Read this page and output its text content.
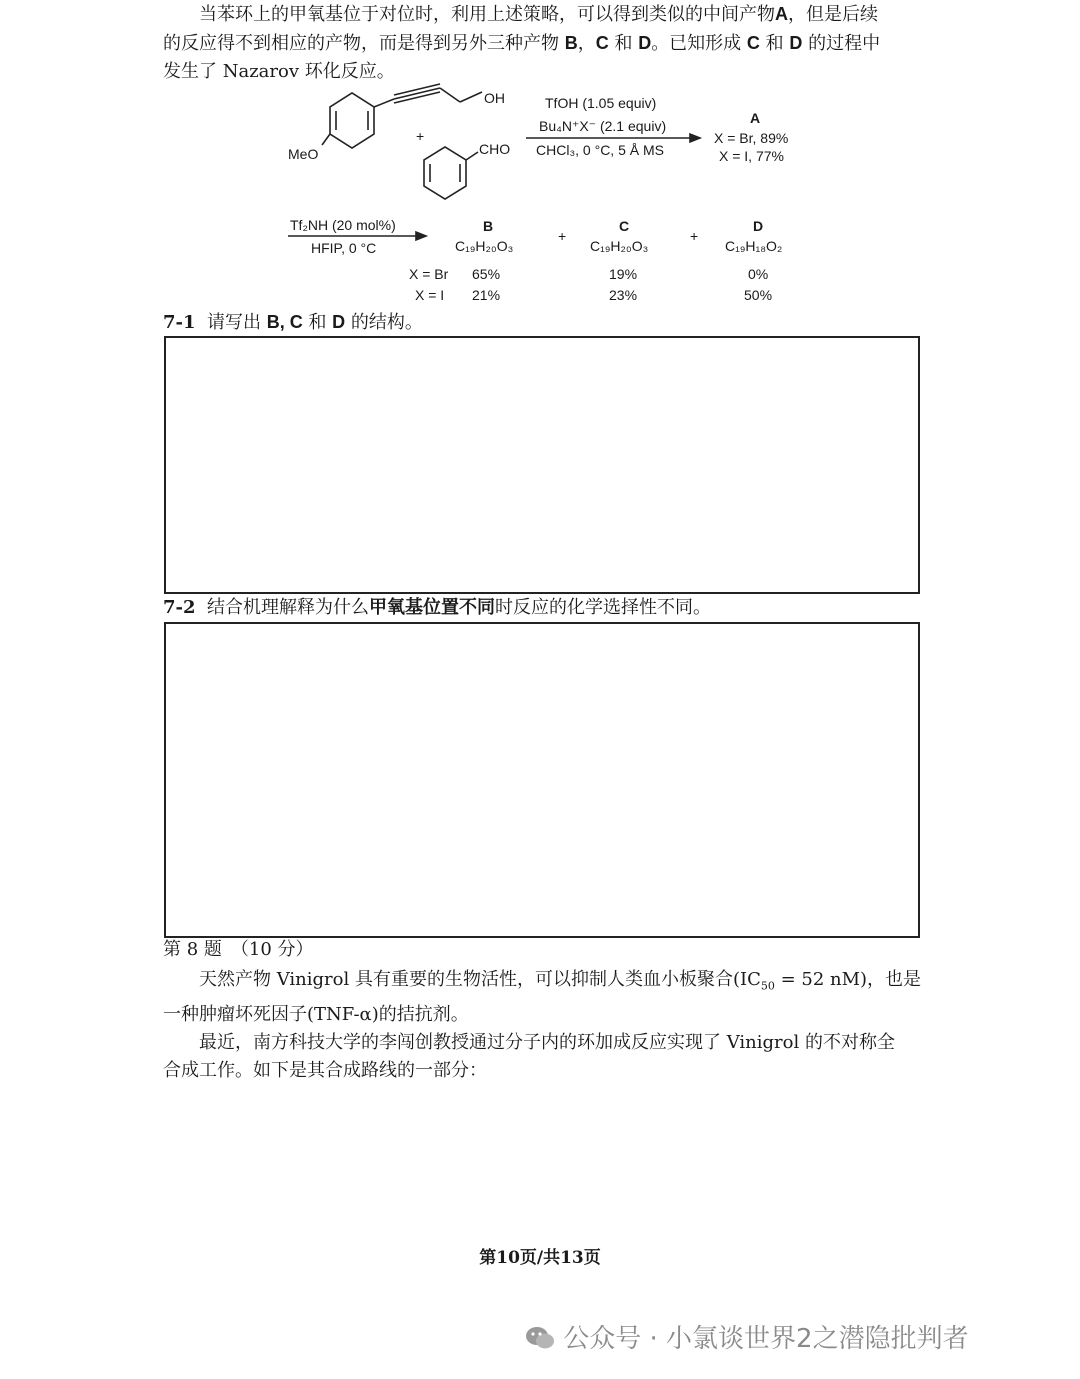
当苯环上的甲氧基位于对位时，利用上述策略，可以得到类似的中间产物A，但是后续

的反应得不到相应的产物，而是得到另外三种产物 B，C 和 D。已知形成 C 和 D 的过程中

发生了 Nazarov 环化反应。

OH
MeO
+
CHO
TfOH (1.05 equiv)
Bu₄N⁺X⁻ (2.1 equiv)
CHCl₃, 0 °C, 5 Å MS
A
X = Br, 89%
X = I, 77%
Tf₂NH (20 mol%)
HFIP, 0 °C
B
C₁₉H₂₀O₃
+
C
C₁₉H₂₀O₃
+
D
C₁₉H₁₈O₂
X = Br 65%	19%	0%
X = I 21%	23%	50%
7-1 请写出 B, C 和 D 的结构。
7-2 结合机理解释为什么甲氧基位置不同时反应的化学选择性不同。
第 8 题　（10 分）

天然产物 Vinigrol 具有重要的生物活性，可以抑制人类血小板聚合($IC_{50} = 52$ nM)，也是

一种肿瘤坏死因子(TNF-α)的拮抗剂。

最近，南方科技大学的李闯创教授通过分子内的环加成反应实现了 Vinigrol 的不对称全

合成工作。如下是其合成路线的一部分：

第10页/共13页
公众号 · 小氯谈世界2之潜隐批判者
